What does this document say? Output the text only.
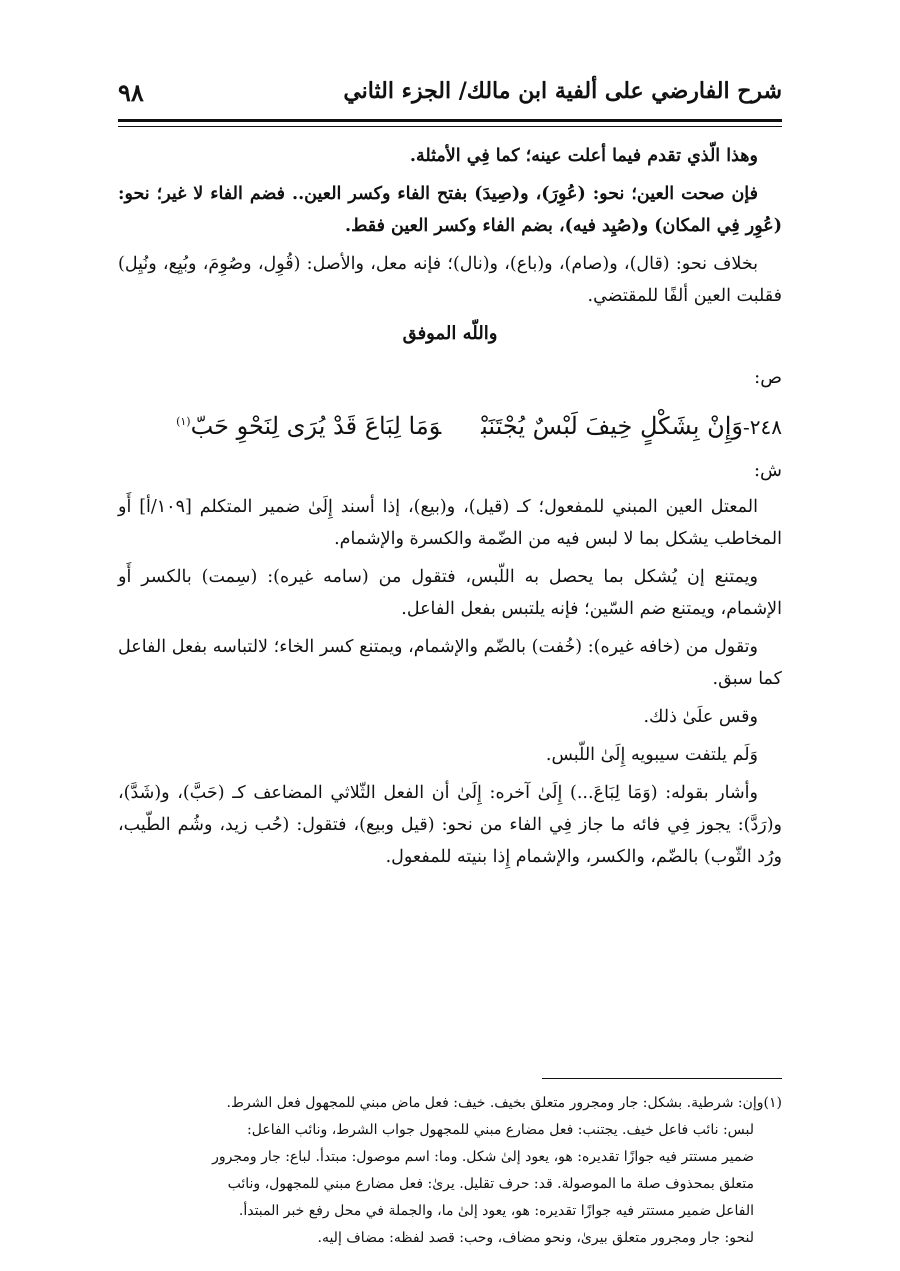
شرح الفارضي على ألفية ابن مالك/ الجزء الثاني
٩٨

وهذا الّذي تقدم فيما أعلت عينه؛ كما فِي الأمثلة.

فإن صحت العين؛ نحو: (عُوِرَ)، و(صِيدَ) بفتح الفاء وكسر العين.. فضم الفاء لا غير؛ نحو: (عُوِر فِي المكان) و(صُيِد فيه)، بضم الفاء وكسر العين فقط.

بخلاف نحو: (قال)، و(صام)، و(باع)، و(نال)؛ فإنه معل، والأصل: (قُوِل، وصُوِمَ، وبُيِع، ونُيِل) فقلبت العين ألفًا للمقتضي.

واللّه الموفق
ص:
٢٤٨-وَإِنْ بِشَكْلٍ خِيفَ لَبْسٌ يُجْتَنَبْوَمَا لِبَاعَ قَدْ يُرَى لِنَحْوِ حَبّ$^{(١)}$
ش:

المعتل العين المبني للمفعول؛ كـ (قيل)، و(بيع)، إذا أسند إِلَىٰ ضمير المتكلم [١٠٩/أ] أَو المخاطب يشكل بما لا لبس فيه من الضّمة والكسرة والإشمام.

ويمتنع إن يُشكل بما يحصل به اللّبس، فتقول من (سامه غيره): (سِمت) بالكسر أَو الإشمام، ويمتنع ضم السّين؛ فإنه يلتبس بفعل الفاعل.

وتقول من (خافه غيره): (خُفت) بالضّم والإشمام، ويمتنع كسر الخاء؛ لالتباسه بفعل الفاعل كما سبق.

وقس علَىٰ ذلك.

وَلَم يلتفت سيبويه إِلَىٰ اللّبس.

وأشار بقوله: (وَمَا لِبَاعَ...) إِلَىٰ آخره: إِلَىٰ أن الفعل الثّلاثي المضاعف كـ (حَبَّ)، و(شَدَّ)، و(رَدَّ): يجوز فِي فائه ما جاز فِي الفاء من نحو: (قيل وبيع)، فتقول: (حُب زيد، وشُم الطّيب، ورُد الثّوب) بالضّم، والكسر، والإشمام إِذا بنيته للمفعول.

(١)وإن: شرطية. بشكل: جار ومجرور متعلق بخيف. خيف: فعل ماض مبني للمجهول فعل الشرط.

لبس: نائب فاعل خيف. يجتنب: فعل مضارع مبني للمجهول جواب الشرط، ونائب الفاعل:

ضمير مستتر فيه جوازًا تقديره: هو، يعود إلىٰ شكل. وما: اسم موصول: مبتدأ. لباع: جار ومجرور

متعلق بمحذوف صلة ما الموصولة. قد: حرف تقليل. يرىٰ: فعل مضارع مبني للمجهول، ونائب

الفاعل ضمير مستتر فيه جوازًا تقديره: هو، يعود إلىٰ ما، والجملة في محل رفع خبر المبتدأ.

لنحو: جار ومجرور متعلق بيرىٰ، ونحو مضاف، وحب: قصد لفظه: مضاف إليه.
